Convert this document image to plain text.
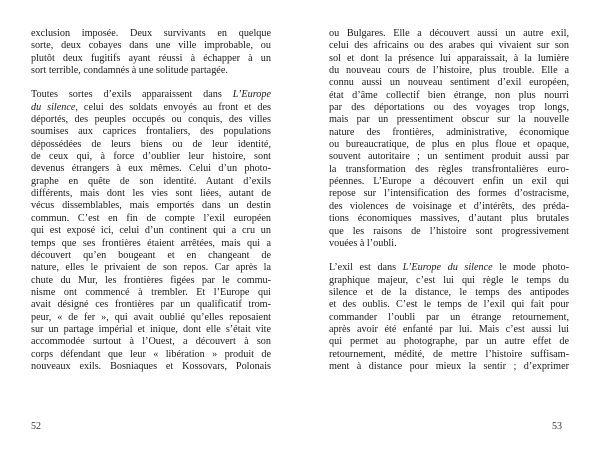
exclusion imposée. Deux survivants en quelque
sorte, deux cobayes dans une ville improbable, ou
plutôt deux fugitifs ayant réussi à échapper à un
sort terrible, condamnés à une solitude partagée.
Toutes sortes d’exils apparaissent dans L’Europe
du silence, celui des soldats envoyés au front et des
déportés, des peuples occupés ou conquis, des villes
soumises aux caprices frontaliers, des populations
dépossédées de leurs biens ou de leur identité,
de ceux qui, à force d’oublier leur histoire, sont
devenus étrangers à eux mêmes. Celui d’un photo-
graphe en quête de son identité. Autant d’exils
différents, mais dont les vies sont liées, autant de
vécus dissemblables, mais emportés dans un destin
commun. C’est en fin de compte l’exil européen
qui est exposé ici, celui d’un continent qui a cru un
temps que ses frontières étaient arrêtées, mais qui a
découvert qu’en bougeant et en changeant de
nature, elles le privaient de son repos. Car après la
chute du Mur, les frontières figées par le commu-
nisme ont commencé à trembler. Et l’Europe qui
avait désigné ces frontières par un qualificatif trom-
peur, « de fer », qui avait oublié qu’elles reposaient
sur un partage impérial et inique, dont elle s’était vite
accommodée surtout à l’Ouest, a découvert à son
corps défendant que leur « libération » produit de
nouveaux exils. Bosniaques et Kossovars, Polonais
52
ou Bulgares. Elle a découvert aussi un autre exil,
celui des africains ou des arabes qui vivaient sur son
sol et dont la présence lui apparaissait, à la lumière
du nouveau cours de l’histoire, plus trouble. Elle a
connu aussi un nouveau sentiment d’exil européen,
état d’âme collectif bien étrange, non plus nourri
par des déportations ou des voyages trop longs,
mais par un pressentiment obscur sur la nouvelle
nature des frontières, administrative, économique
ou bureaucratique, de plus en plus floue et opaque,
souvent autoritaire ; un sentiment produit aussi par
la transformation des règles transfrontalières euro-
péennes. L’Europe a découvert enfin un exil qui
repose sur l’intensification des formes d’ostracisme,
des violences de voisinage et d’intérêts, des préda-
tions économiques massives, d’autant plus brutales
que les raisons de l’histoire sont progressivement
vouées à l’oubli.
L’exil est dans L’Europe du silence le mode photo-
graphique majeur, c’est lui qui règle le temps du
silence et de la distance, le temps des antipodes
et des oublis. C’est le temps de l’exil qui fait pour
commander l’oubli par un étrange retournement,
après avoir été enfanté par lui. Mais c’est aussi lui
qui permet au photographe, par un autre effet de
retournement, médité, de mettre l’histoire suffisam-
ment à distance pour mieux la sentir ; d’exprimer
53
